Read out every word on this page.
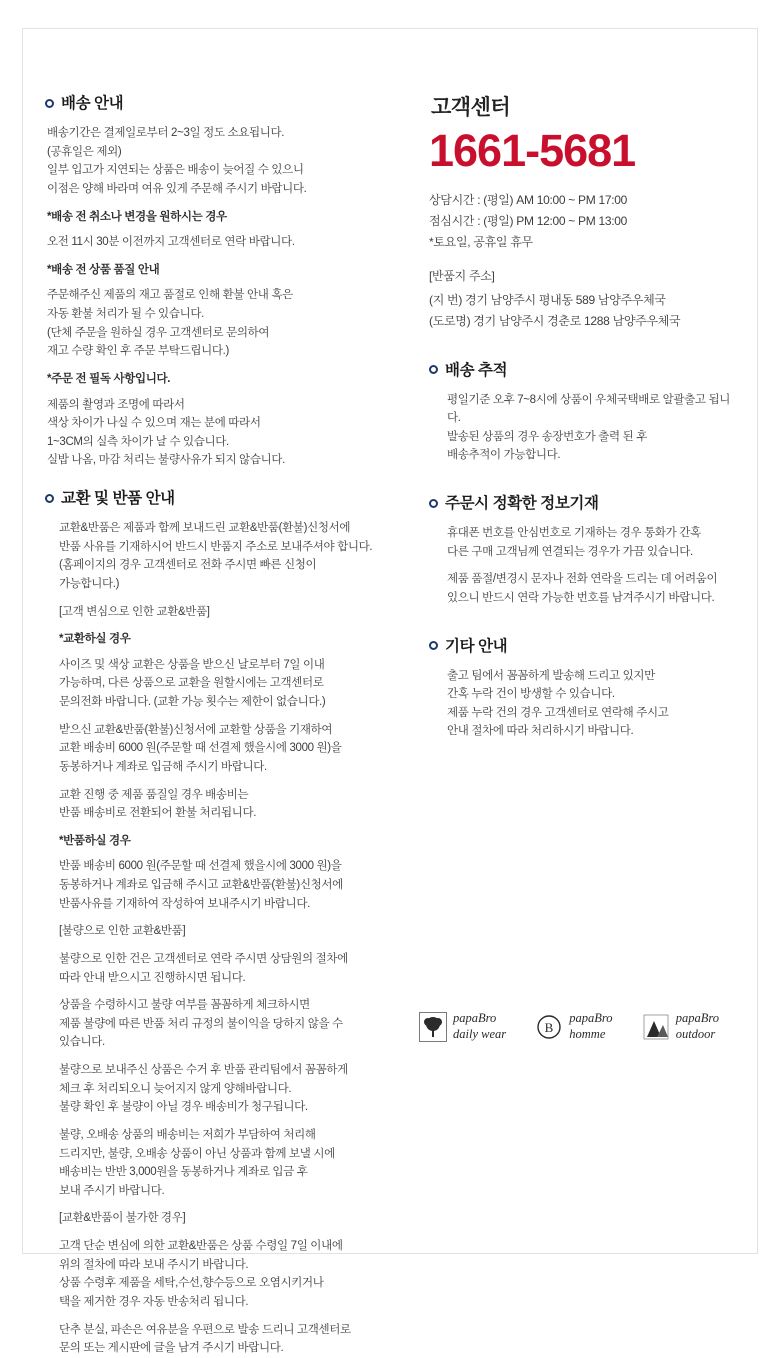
배송 안내

배송기간은 결제일로부터 2~3일 정도 소요됩니다.
(공휴일은 제외)
일부 입고가 지연되는 상품은 배송이 늦어질 수 있으니
이점은 양해 바라며 여유 있게 주문해 주시기 바랍니다.

*배송 전 취소나 변경을 원하시는 경우

오전 11시 30분 이전까지 고객센터로 연락 바랍니다.

*배송 전 상품 품질 안내

주문해주신 제품의 재고 품절로 인해 환불 안내 혹은
자동 환불 처리가 될 수 있습니다.
(단체 주문을 원하실 경우 고객센터로 문의하여
재고 수량 확인 후 주문 부탁드립니다.)

*주문 전 필독 사항입니다.

제품의 촬영과 조명에 따라서
색상 차이가 나실 수 있으며 재는 분에 따라서
1~3CM의 실측 차이가 날 수 있습니다.
실밥 나옴, 마감 처리는 불량사유가 되지 않습니다.

교환 및 반품 안내

교환&반품은 제품과 함께 보내드린 교환&반품(환불)신청서에
반품 사유를 기재하시어 반드시 반품지 주소로 보내주셔야 합니다.
(홈페이지의 경우 고객센터로 전화 주시면 빠른 신청이
가능합니다.)

[고객 변심으로 인한 교환&반품]

*교환하실 경우

사이즈 및 색상 교환은 상품을 받으신 날로부터 7일 이내
가능하며, 다른 상품으로 교환을 원할시에는 고객센터로
문의전화 바랍니다. (교환 가능 횟수는 제한이 없습니다.)

받으신 교환&반품(환불)신청서에 교환할 상품을 기재하여
교환 배송비 6000 원(주문할 때 선결제 했을시에 3000 원)을
동봉하거나 계좌로 입금해 주시기 바랍니다.

교환 진행 중 제품 품질일 경우 배송비는
반품 배송비로 전환되어 환불 처리됩니다.

*반품하실 경우

반품 배송비 6000 원(주문할 때 선결제 했을시에 3000 원)을
동봉하거나 계좌로 입금해 주시고 교환&반품(환불)신청서에
반품사유를 기재하여 작성하여 보내주시기 바랍니다.

[불량으로 인한 교환&반품]

불량으로 인한 건은 고객센터로 연락 주시면 상담원의 절차에
따라 안내 받으시고 진행하시면 됩니다.

상품을 수령하시고 불량 여부를 꼼꼼하게 체크하시면
제품 불량에 따른 반품 처리 규정의 불이익을 당하지 않을 수
있습니다.

불량으로 보내주신 상품은 수거 후 반품 관리팀에서 꼼꼼하게
체크 후 처리되오니 늦어지지 않게 양해바랍니다.
불량 확인 후 불량이 아닐 경우 배송비가 청구됩니다.

불량, 오배송 상품의 배송비는 저희가 부담하여 처리해
드리지만, 불량, 오배송 상품이 아닌 상품과 함께 보낼 시에
배송비는 반반 3,000원을 동봉하거나 계좌로 입금 후
보내 주시기 바랍니다.

[교환&반품이 불가한 경우]

고객 단순 변심에 의한 교환&반품은 상품 수령일 7일 이내에
위의 절차에 따라 보내 주시기 바랍니다.
상품 수령후 제품을 세탁,수선,향수등으로 오염시키거나
택을 제거한 경우 자동 반송처리 됩니다.

단추 분실, 파손은 여유분을 우편으로 발송 드리니 고객센터로
문의 또는 게시판에 글을 남겨 주시기 바랍니다.

고객센터
1661-5681

상담시간 : (평일) AM 10:00 ~ PM 17:00

점심시간 : (평일) PM 12:00 ~ PM 13:00

*토요일, 공휴일 휴무

[반품지 주소]

(지 번) 경기 남양주시 평내동 589 남양주우체국

(도로명) 경기 남양주시 경춘로 1288 남양주우체국

배송 추적

평일기준 오후 7~8시에 상품이 우체국택배로 알괄출고 됩니다.
발송된 상품의 경우 송장번호가 출력 된 후
배송추적이 가능합니다.

주문시 정확한 정보기재

휴대폰 번호를 안심번호로 기재하는 경우 통화가 간혹
다른 구매 고객님께 연결되는 경우가 가끔 있습니다.

제품 품절/변경시 문자나 전화 연락을 드리는 데 어려움이
있으니 반드시 연락 가능한 번호를 남겨주시기 바랍니다.

기타 안내

출고 팀에서 꼼꼼하게 발송해 드리고 있지만
간혹 누락 건이 방생할 수 있습니다.
제품 누락 건의 경우 고객센터로 연락해 주시고
안내 절차에 따라 처리하시기 바랍니다.

papaBro
daily wear	B
papaBro
homme
papaBro
outdoor
